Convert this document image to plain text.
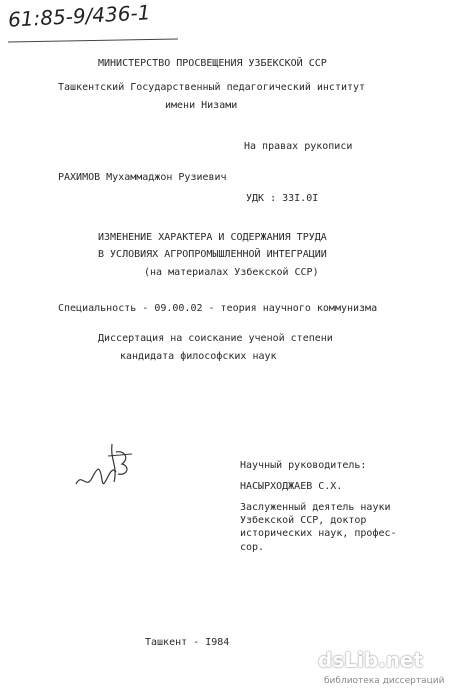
61:85-9/436-1
МИНИСТЕРСТВО ПРОСВЕЩЕНИЯ УЗБЕКСКОЙ ССР
Ташкентский Государственный педагогический институт
имени Низами
На правах рукописи
РАХИМОВ Мухаммаджон Рузиевич
УДК : 33I.0I
ИЗМЕНЕНИЕ ХАРАКТЕРА И СОДЕРЖАНИЯ ТРУДА
В УСЛОВИЯХ АГРОПРОМЫШЛЕННОЙ ИНТЕГРАЦИИ
(на материалах Узбекской ССР)
Специальность - 09.00.02 - теория научного коммунизма
Диссертация на соискание ученой степени
кандидата философских наук
Научный руководитель:
НАСЫРХОДЖАЕВ С.Х.
Заслуженный деятель науки
Узбекской ССР, доктор
исторических наук, профес-
сор.
Ташкент - I984
dsLib.net
библиотека диссертаций
